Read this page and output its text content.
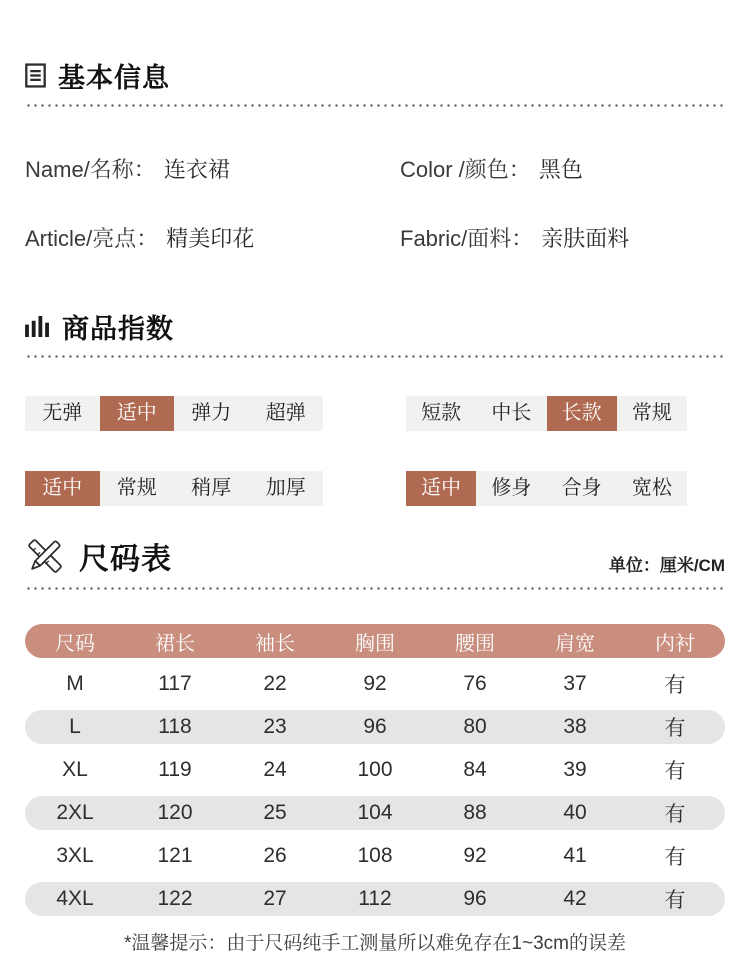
基本信息
Name/名称： 连衣裙	Color /颜色： 黑色
Article/亮点： 精美印花	Fabric/面料： 亲肤面料
商品指数
无弹	适中	弹力	超弹	短款	中长	长款	常规
适中	常规	稍厚	加厚	适中	修身	合身	宽松
尺码表	单位：厘米/CM
尺码	裙长	袖长	胸围	腰围	肩宽	内衬
M	117	22	92	76	37	有
L	118	23	96	80	38	有
XL	119	24	100	84	39	有
2XL	120	25	104	88	40	有
3XL	121	26	108	92	41	有
4XL	122	27	112	96	42	有
*温馨提示：由于尺码纯手工测量所以难免存在1~3cm的误差
